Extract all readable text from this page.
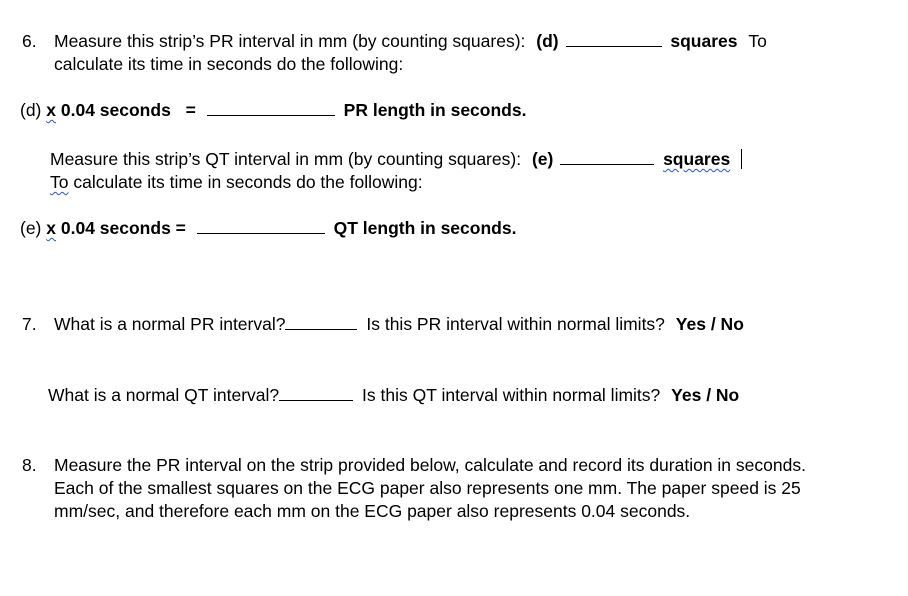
6. Measure this strip’s PR interval in mm (by counting squares): (d)	squares To
calculate its time in seconds do the following:
(d) x 0.04 seconds =	PR length in seconds.
Measure this strip’s QT interval in mm (by counting squares): (e)	squares
To calculate its time in seconds do the following:
(e) x 0.04 seconds =	QT length in seconds.
7. What is a normal PR interval?	Is this PR interval within normal limits? Yes / No
What is a normal QT interval?	Is this QT interval within normal limits? Yes / No
8. Measure the PR interval on the strip provided below, calculate and record its duration in seconds.
Each of the smallest squares on the ECG paper also represents one mm. The paper speed is 25
mm/sec, and therefore each mm on the ECG paper also represents 0.04 seconds.
